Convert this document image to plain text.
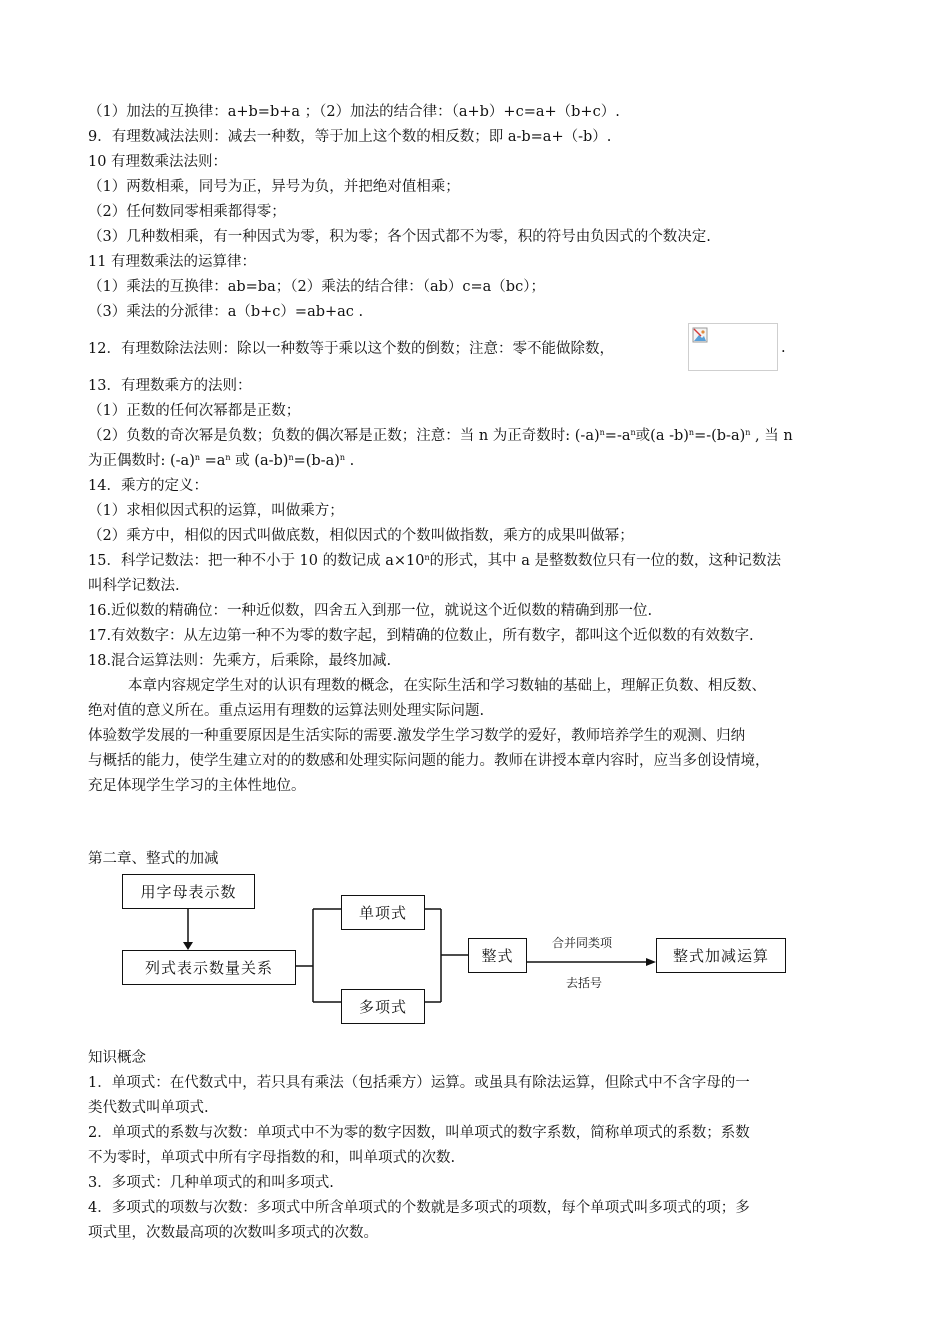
（1）加法的互换律：a+b=b+a ；（2）加法的结合律：（a+b）+c=a+（b+c）.
9．有理数减法法则：减去一种数，等于加上这个数的相反数；即 a-b=a+（-b）.
10 有理数乘法法则：
（1）两数相乘，同号为正，异号为负，并把绝对值相乘；
（2）任何数同零相乘都得零；
（3）几种数相乘，有一种因式为零，积为零；各个因式都不为零，积的符号由负因式的个数决定.
11 有理数乘法的运算律：
（1）乘法的互换律：ab=ba；（2）乘法的结合律：（ab）c=a（bc）；
（3）乘法的分派律：a（b+c）=ab+ac .
12．有理数除法法则：除以一种数等于乘以这个数的倒数；注意：零不能做除数，	.
13．有理数乘方的法则：
（1）正数的任何次幂都是正数；
（2）负数的奇次幂是负数；负数的偶次幂是正数；注意：当 n 为正奇数时: $(-a)^n=-a^n$或(a $-b)^n=-(b-a)^n$ , 当 n
为正偶数时: $(-a)^n =a^n$ 或 $(a-b)^n=(b-a)^n$ .
14．乘方的定义：
（1）求相似因式积的运算，叫做乘方；
（2）乘方中，相似的因式叫做底数，相似因式的个数叫做指数，乘方的成果叫做幂；
15．科学记数法：把一种不小于 10 的数记成 $a\times 10^n$的形式，其中 a 是整数数位只有一位的数，这种记数法
叫科学记数法.
16.近似数的精确位：一种近似数，四舍五入到那一位，就说这个近似数的精确到那一位.
17.有效数字：从左边第一种不为零的数字起，到精确的位数止，所有数字，都叫这个近似数的有效数字.
18.混合运算法则：先乘方，后乘除，最终加减.
本章内容规定学生对的认识有理数的概念，在实际生活和学习数轴的基础上，理解正负数、相反数、
绝对值的意义所在。重点运用有理数的运算法则处理实际问题.
体验数学发展的一种重要原因是生活实际的需要.激发学生学习数学的爱好，教师培养学生的观测、归纳
与概括的能力，使学生建立对的的数感和处理实际问题的能力。教师在讲授本章内容时，应当多创设情境，
充足体现学生学习的主体性地位。
第二章、整式的加减
用字母表示数
列式表示数量关系
单项式
多项式
整式	整式加减运算
合并同类项
去括号
知识概念
1．单项式：在代数式中，若只具有乘法（包括乘方）运算。或虽具有除法运算，但除式中不含字母的一
类代数式叫单项式.
2．单项式的系数与次数：单项式中不为零的数字因数，叫单项式的数字系数，简称单项式的系数；系数
不为零时，单项式中所有字母指数的和，叫单项式的次数.
3．多项式：几种单项式的和叫多项式.
4．多项式的项数与次数：多项式中所含单项式的个数就是多项式的项数，每个单项式叫多项式的项；多
项式里，次数最高项的次数叫多项式的次数。
